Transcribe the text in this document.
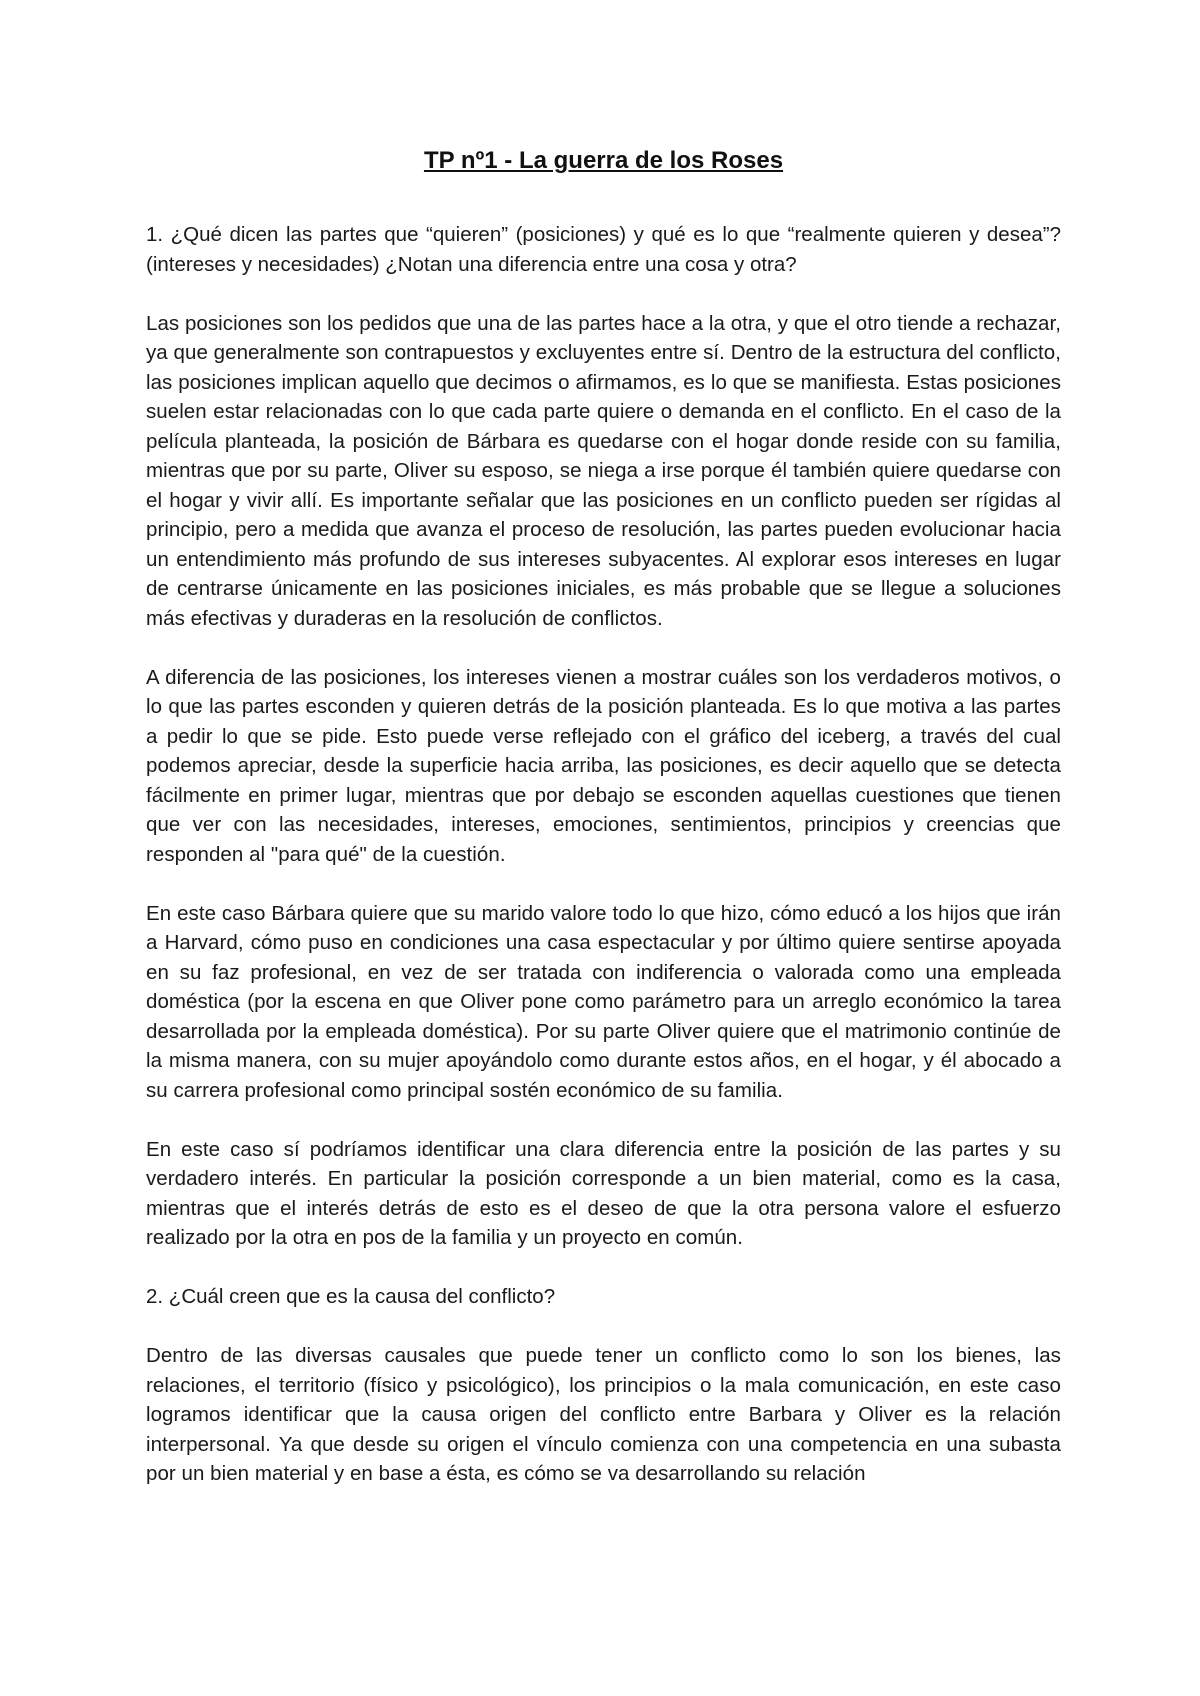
TP nº1 - La guerra de los Roses
1. ¿Qué dicen las partes que “quieren” (posiciones) y qué es lo que “realmente quieren y desea”? (intereses y necesidades) ¿Notan una diferencia entre una cosa y otra?
Las posiciones son los pedidos que una de las partes hace a la otra, y que el otro tiende a rechazar, ya que generalmente son contrapuestos y excluyentes entre sí. Dentro de la estructura del conflicto, las posiciones implican aquello que decimos o afirmamos, es lo que se manifiesta. Estas posiciones suelen estar relacionadas con lo que cada parte quiere o demanda en el conflicto. En el caso de la película planteada, la posición de Bárbara es quedarse con el hogar donde reside con su familia, mientras que por su parte, Oliver su esposo, se niega a irse porque él también quiere quedarse con el hogar y vivir allí. Es importante señalar que las posiciones en un conflicto pueden ser rígidas al principio, pero a medida que avanza el proceso de resolución, las partes pueden evolucionar hacia un entendimiento más profundo de sus intereses subyacentes. Al explorar esos intereses en lugar de centrarse únicamente en las posiciones iniciales, es más probable que se llegue a soluciones más efectivas y duraderas en la resolución de conflictos.
A diferencia de las posiciones, los intereses vienen a mostrar cuáles son los verdaderos motivos, o lo que las partes esconden y quieren detrás de la posición planteada. Es lo que motiva a las partes a pedir lo que se pide. Esto puede verse reflejado con el gráfico del iceberg, a través del cual podemos apreciar, desde la superficie hacia arriba, las posiciones, es decir aquello que se detecta fácilmente en primer lugar, mientras que por debajo se esconden aquellas cuestiones que tienen que ver con las necesidades, intereses, emociones, sentimientos, principios y creencias que responden al "para qué" de la cuestión.
En este caso Bárbara quiere que su marido valore todo lo que hizo, cómo educó a los hijos que irán a Harvard, cómo puso en condiciones una casa espectacular y por último quiere sentirse apoyada en su faz profesional, en vez de ser tratada con indiferencia o valorada como una empleada doméstica (por la escena en que Oliver pone como parámetro para un arreglo económico la tarea desarrollada por la empleada doméstica). Por su parte Oliver quiere que el matrimonio continúe de la misma manera, con su mujer apoyándolo como durante estos años, en el hogar, y él abocado a su carrera profesional como principal sostén económico de su familia.
En este caso sí podríamos identificar una clara diferencia entre la posición de las partes y su verdadero interés. En particular la posición corresponde a un bien material, como es la casa, mientras que el interés detrás de esto es el deseo de que la otra persona valore el esfuerzo realizado por la otra en pos de la familia y un proyecto en común.
2. ¿Cuál creen que es la causa del conflicto?
Dentro de las diversas causales que puede tener un conflicto como lo son los bienes, las relaciones, el territorio (físico y psicológico), los principios o la mala comunicación, en este caso logramos identificar que la causa origen del conflicto entre Barbara y Oliver es la relación interpersonal. Ya que desde su origen el vínculo comienza con una competencia en una subasta por un bien material y en base a ésta, es cómo se va desarrollando su relación
